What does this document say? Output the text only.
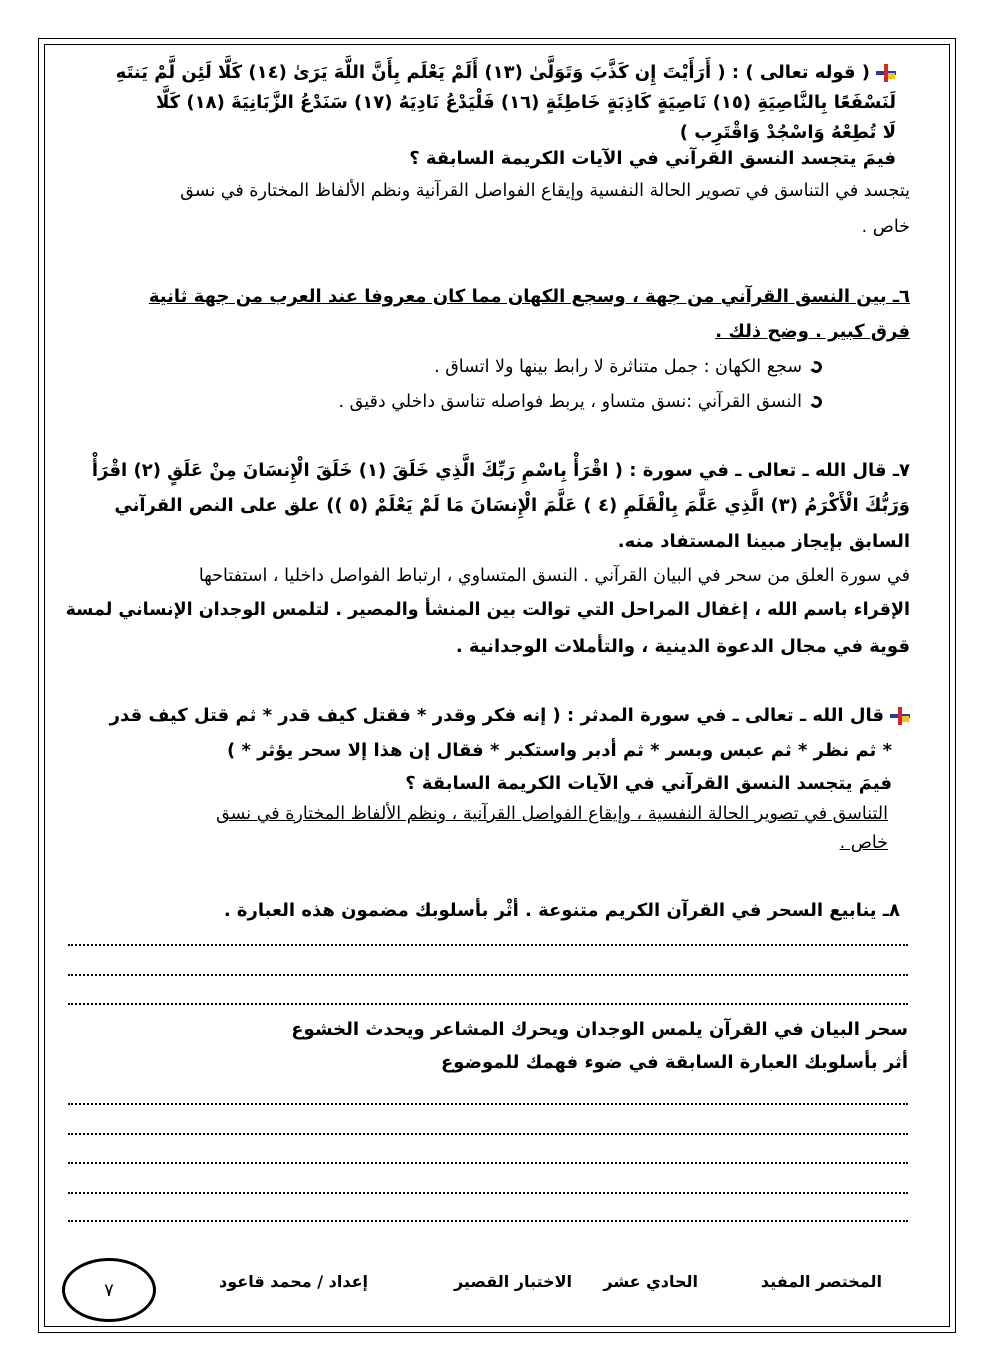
( قوله تعالى ) : ( أَرَأَيْتَ إِن كَذَّبَ وَتَوَلَّىٰ (١٣) أَلَمْ يَعْلَم بِأَنَّ اللَّهَ يَرَىٰ (١٤) كَلَّا لَئِن لَّمْ يَنتَهِ
لَنَسْفَعًا بِالنَّاصِيَةِ (١٥) نَاصِيَةٍ كَاذِبَةٍ خَاطِئَةٍ (١٦) فَلْيَدْعُ نَادِيَهُ (١٧) سَنَدْعُ الزَّبَانِيَةَ (١٨) كَلَّا
لَا تُطِعْهُ وَاسْجُدْ وَاقْتَرِب )
فيمَ يتجسد النسق القرآني في الآيات الكريمة السابقة ؟
يتجسد في التناسق في تصوير الحالة النفسية وإيقاع الفواصل القرآنية ونظم الألفاظ المختارة في نسق
خاص .
٦ـ بين النسق القرآني من جهة ، وسجع الكهان مما كان معروفا عند العرب من جهة ثانية
فرق كبير . وضح ذلك .
سجع الكهان : جمل متناثرة لا رابط بينها ولا اتساق .
النسق القرآني :نسق متساو ، يربط فواصله تناسق داخلي دقيق .
٧ـ قال الله ـ تعالى ـ في سورة : ( اقْرَأْ بِاسْمِ رَبِّكَ الَّذِي خَلَقَ (١) خَلَقَ الْإِنسَانَ مِنْ عَلَقٍ (٢) اقْرَأْ
وَرَبُّكَ الْأَكْرَمُ (٣) الَّذِي عَلَّمَ بِالْقَلَمِ (٤ ) عَلَّمَ الْإِنسَانَ مَا لَمْ يَعْلَمْ (٥ )) علق على النص القرآني
السابق بإيجاز مبينا المستفاد منه.
في سورة العلق من سحر في البيان القرآني . النسق المتساوي ، ارتباط الفواصل داخليا ، استفتاحها
الإقراء باسم الله ، إغفال المراحل التي توالت بين المنشأ والمصير . لتلمس الوجدان الإنساني لمسة
قوية في مجال الدعوة الدينية ، والتأملات الوجدانية .
قال الله ـ تعالى ـ في سورة المدثر : ( إنه فكر وقدر * فقتل كيف قدر * ثم قتل كيف قدر
* ثم نظر * ثم عبس وبسر * ثم أدبر واستكبر * فقال إن هذا إلا سحر يؤثر * )
فيمَ يتجسد النسق القرآني في الآيات الكريمة السابقة ؟
التناسق في تصوير الحالة النفسية ، وإيقاع الفواصل القرآنية ، ونظم الألفاظ المختارة في نسق
خاص .
٨ـ ينابيع السحر في القرآن الكريم متنوعة . أثْر بأسلوبك مضمون هذه العبارة .
سحر البيان في القرآن يلمس الوجدان ويحرك المشاعر ويحدث الخشوع
أثر بأسلوبك العبارة السابقة في ضوء فهمك للموضوع
٧	المختصر المفيد
الحادي عشر
الاختبار القصير
إعداد / محمد قاعود
